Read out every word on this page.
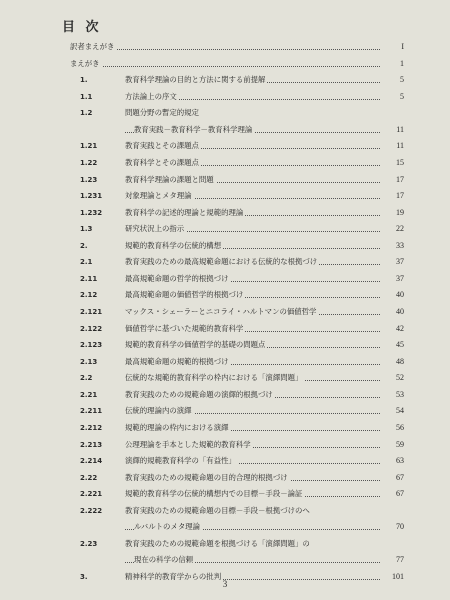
目 次
訳者まえがき	I
まえがき	1
1.	教育科学理論の目的と方法に関する前提解	5
1.1	方法論上の序文	5
1.2	問題分野の暫定的規定
教育実践－教育科学－教育科学理論	11
1.21	教育実践とその課題点	11
1.22	教育科学とその課題点	15
1.23	教育科学理論の課題と問題	17
1.231	対象理論とメタ理論	17
1.232	教育科学の記述的理論と規範的理論	19
1.3	研究状況上の指示	22
2.	規範的教育科学の伝統的構想	33
2.1	教育実践のための最高規範命題における伝統的な根拠づけ	37
2.11	最高規範命題の哲学的根拠づけ	37
2.12	最高規範命題の価値哲学的根拠づけ	40
2.121	マックス・シェーラーとニコライ・ハルトマンの価値哲学	40
2.122	価値哲学に基づいた規範的教育科学	42
2.123	規範的教育科学の価値哲学的基礎の問題点	45
2.13	最高規範命題の規範的根拠づけ	48
2.2	伝統的な規範的教育科学の枠内における「演繹問題」	52
2.21	教育実践のための規範命題の演繹的根拠づけ	53
2.211	伝統的理論内の演繹	54
2.212	規範的理論の枠内における演繹	56
2.213	公理理論を手本とした規範的教育科学	59
2.214	演繹的規範教育科学の「有益性」	63
2.22	教育実践のための規範命題の目的合理的根拠づけ	67
2.221	規範的教育科学の伝統的構想内での目標－手段－論証	67
2.222	教育実践のための規範命題の目標－手段－根拠づけのへ
ルバルトのメタ理論	70
2.23	教育実践のための規範命題を根拠づける「演繹問題」の
現在の科学の信頼	77
3.	精神科学的教育学からの批判	101
3
